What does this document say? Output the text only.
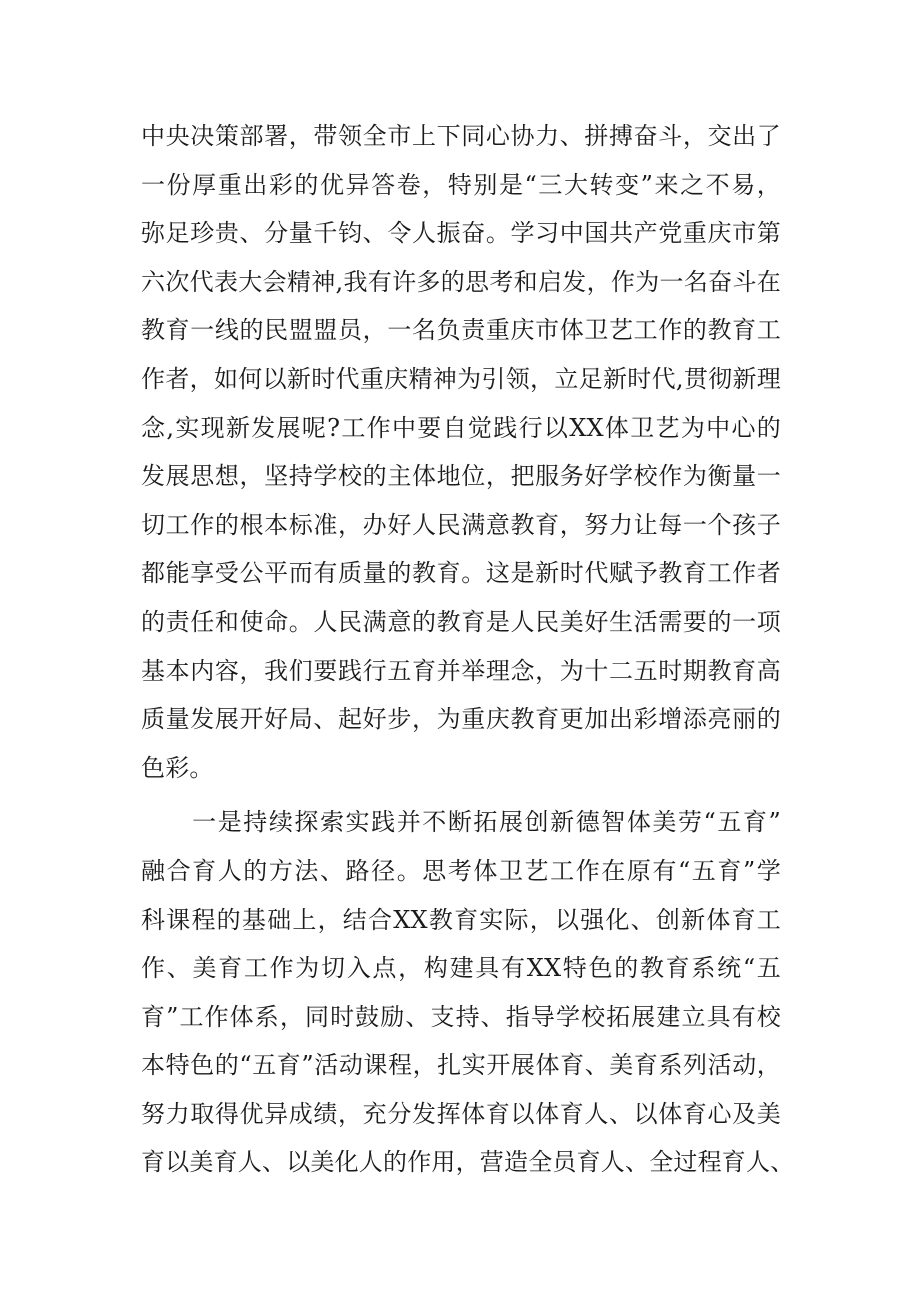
中央决策部署，带领全市上下同心协力、拼搏奋斗，交出了
一份厚重出彩的优异答卷，特别是“三大转变”来之不易，
弥足珍贵、分量千钧、令人振奋。学习中国共产党重庆市第
六次代表大会精神,我有许多的思考和启发，作为一名奋斗在
教育一线的民盟盟员，一名负责重庆市体卫艺工作的教育工
作者，如何以新时代重庆精神为引领，立足新时代,贯彻新理
念,实现新发展呢?工作中要自觉践行以XX体卫艺为中心的
发展思想，坚持学校的主体地位，把服务好学校作为衡量一
切工作的根本标准，办好人民满意教育，努力让每一个孩子
都能享受公平而有质量的教育。这是新时代赋予教育工作者
的责任和使命。人民满意的教育是人民美好生活需要的一项
基本内容，我们要践行五育并举理念，为十二五时期教育高
质量发展开好局、起好步，为重庆教育更加出彩增添亮丽的
色彩。
　　一是持续探索实践并不断拓展创新德智体美劳“五育”
融合育人的方法、路径。思考体卫艺工作在原有“五育”学
科课程的基础上，结合XX教育实际，以强化、创新体育工
作、美育工作为切入点，构建具有XX特色的教育系统“五
育”工作体系，同时鼓励、支持、指导学校拓展建立具有校
本特色的“五育”活动课程，扎实开展体育、美育系列活动，
努力取得优异成绩，充分发挥体育以体育人、以体育心及美
育以美育人、以美化人的作用，营造全员育人、全过程育人、
